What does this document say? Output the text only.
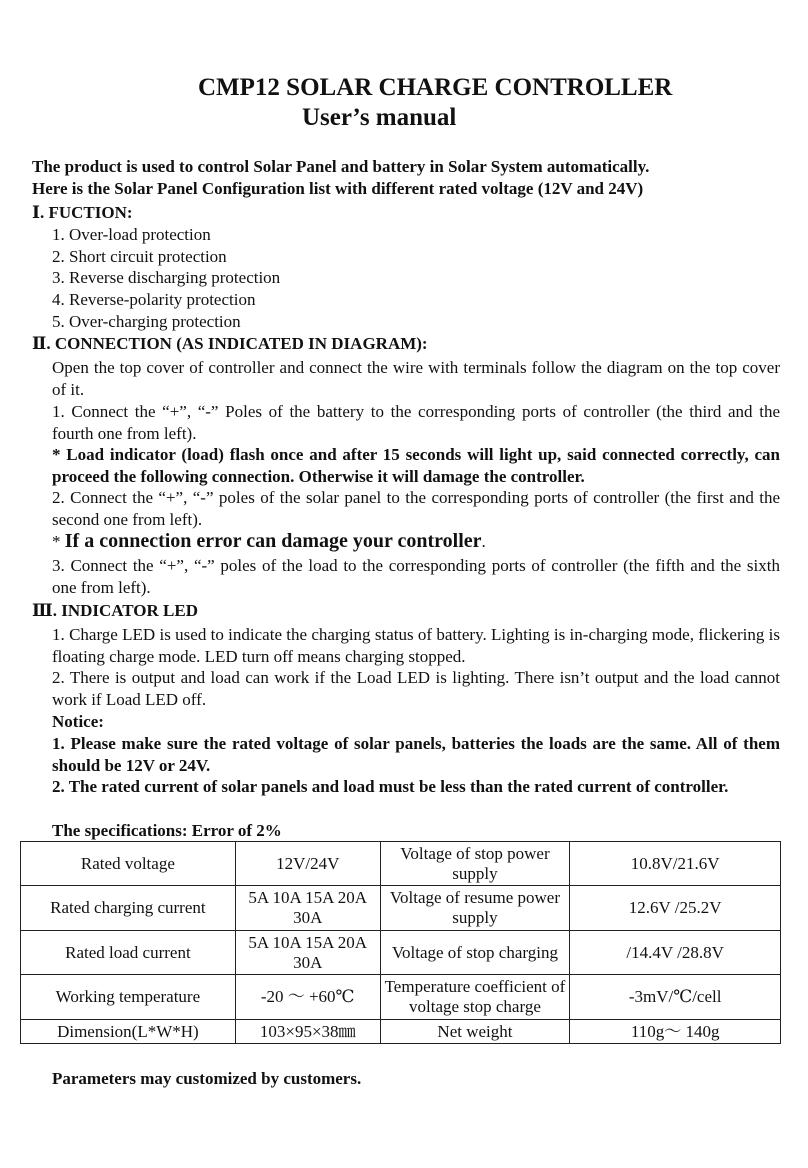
CMP12 SOLAR CHARGE CONTROLLER
User’s manual
The product is used to control Solar Panel and battery in Solar System automatically.
Here is the Solar Panel Configuration list with different rated voltage (12V and 24V)
Ⅰ. FUCTION:
1. Over-load protection
2. Short circuit protection
3. Reverse discharging protection
4. Reverse-polarity protection
5. Over-charging protection
Ⅱ. CONNECTION (AS INDICATED IN DIAGRAM):
Open the top cover of controller and connect the wire with terminals follow the diagram on the top cover of it.
1. Connect the “+”, “-” Poles of the battery to the corresponding ports of controller (the third and the fourth one from left).
* Load indicator (load) flash once and after 15 seconds will light up, said connected correctly, can proceed the following connection. Otherwise it will damage the controller.
2. Connect the “+”, “-” poles of the solar panel to the corresponding ports of controller (the first and the second one from left).
* If a connection error can damage your controller.
3. Connect the “+”, “-” poles of the load to the corresponding ports of controller (the fifth and the sixth one from left).
Ⅲ. INDICATOR LED
1. Charge LED is used to indicate the charging status of battery. Lighting is in-charging mode, flickering is floating charge mode. LED turn off means charging stopped.
2. There is output and load can work if the Load LED is lighting. There isn’t output and the load cannot work if Load LED off.
Notice:
1. Please make sure the rated voltage of solar panels, batteries the loads are the same. All of them should be 12V or 24V.
2. The rated current of solar panels and load must be less than the rated current of controller.
The specifications: Error of 2%
Rated voltage	12V/24V	Voltage of stop power supply	10.8V/21.6V
Rated charging current	5A 10A 15A 20A 30A	Voltage of resume power supply	12.6V /25.2V
Rated load current	5A 10A 15A 20A 30A	Voltage of stop charging	/14.4V /28.8V
Working temperature	-20 ～ +60℃	Temperature coefficient of voltage stop charge	-3mV/℃/cell
Dimension(L*W*H)	103×95×38㎜	Net weight	110g～ 140g
Parameters may customized by customers.
